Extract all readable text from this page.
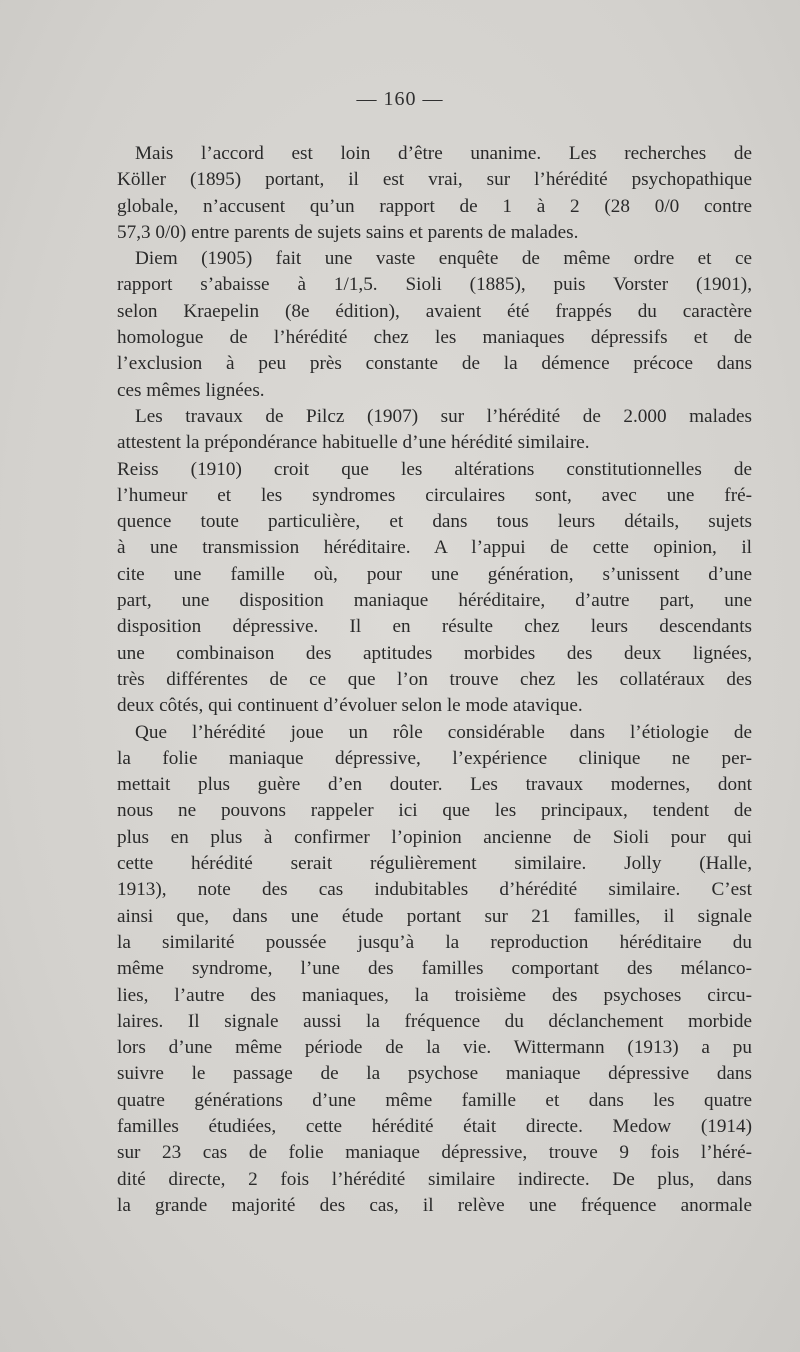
— 160 —
Mais l’accord est loin d’être unanime. Les recherches de
Köller (1895) portant, il est vrai, sur l’hérédité psychopathique
globale, n’accusent qu’un rapport de 1 à 2 (28 0/0 contre
57,3 0/0) entre parents de sujets sains et parents de malades.
Diem (1905) fait une vaste enquête de même ordre et ce
rapport s’abaisse à 1/1,5. Sioli (1885), puis Vorster (1901),
selon Kraepelin (8e édition), avaient été frappés du caractère
homologue de l’hérédité chez les maniaques dépressifs et de
l’exclusion à peu près constante de la démence précoce dans
ces mêmes lignées.
Les travaux de Pilcz (1907) sur l’hérédité de 2.000 malades
attestent la prépondérance habituelle d’une hérédité similaire.
Reiss (1910) croit que les altérations constitutionnelles de
l’humeur et les syndromes circulaires sont, avec une fré-
quence toute particulière, et dans tous leurs détails, sujets
à une transmission héréditaire. A l’appui de cette opinion, il
cite une famille où, pour une génération, s’unissent d’une
part, une disposition maniaque héréditaire, d’autre part, une
disposition dépressive. Il en résulte chez leurs descendants
une combinaison des aptitudes morbides des deux lignées,
très différentes de ce que l’on trouve chez les collatéraux des
deux côtés, qui continuent d’évoluer selon le mode atavique.
Que l’hérédité joue un rôle considérable dans l’étiologie de
la folie maniaque dépressive, l’expérience clinique ne per-
mettait plus guère d’en douter. Les travaux modernes, dont
nous ne pouvons rappeler ici que les principaux, tendent de
plus en plus à confirmer l’opinion ancienne de Sioli pour qui
cette hérédité serait régulièrement similaire. Jolly (Halle,
1913), note des cas indubitables d’hérédité similaire. C’est
ainsi que, dans une étude portant sur 21 familles, il signale
la similarité poussée jusqu’à la reproduction héréditaire du
même syndrome, l’une des familles comportant des mélanco-
lies, l’autre des maniaques, la troisième des psychoses circu-
laires. Il signale aussi la fréquence du déclanchement morbide
lors d’une même période de la vie. Wittermann (1913) a pu
suivre le passage de la psychose maniaque dépressive dans
quatre générations d’une même famille et dans les quatre
familles étudiées, cette hérédité était directe. Medow (1914)
sur 23 cas de folie maniaque dépressive, trouve 9 fois l’héré-
dité directe, 2 fois l’hérédité similaire indirecte. De plus, dans
la grande majorité des cas, il relève une fréquence anormale
